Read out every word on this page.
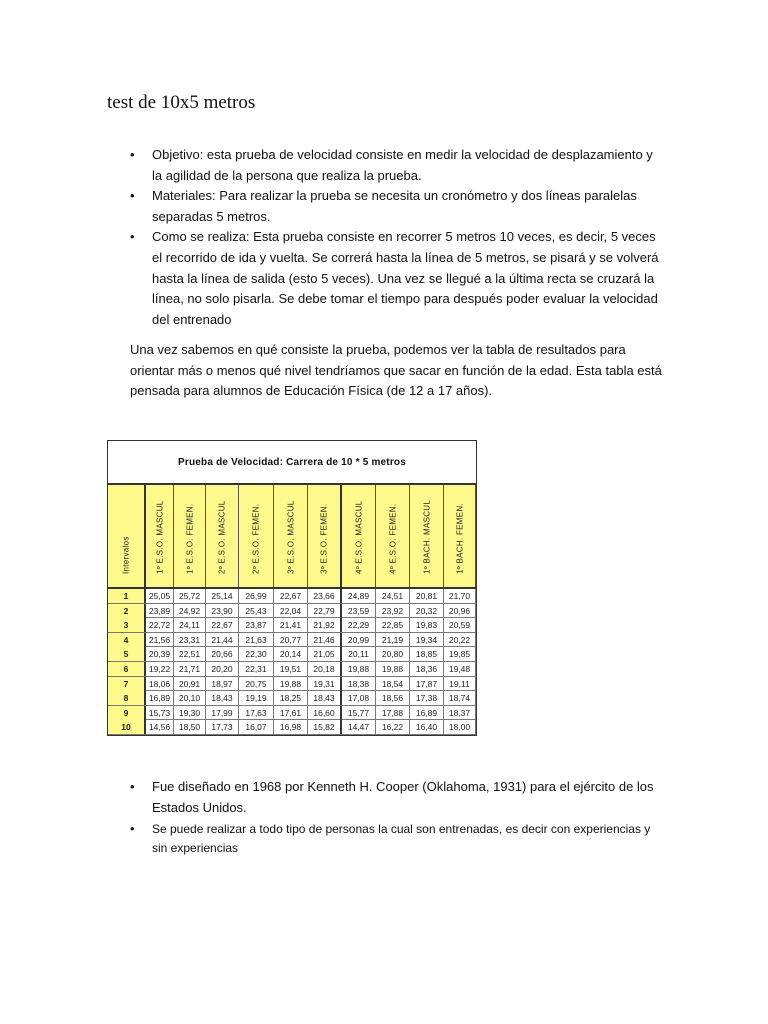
test de 10x5 metros
•	Objetivo: esta prueba de velocidad consiste en medir la velocidad de desplazamiento y la agilidad de la persona que realiza la prueba.
•	Materiales: Para realizar la prueba se necesita un cronómetro y dos líneas paralelas separadas 5 metros.
•	Como se realiza: Esta prueba consiste en recorrer 5 metros 10 veces, es decir, 5 veces el recorrido de ida y vuelta. Se correrá hasta la línea de 5 metros, se pisará y se volverá hasta la línea de salida (esto 5 veces). Una vez se llegué a la última recta se cruzará la línea, no solo pisarla. Se debe tomar el tiempo para después poder evaluar la velocidad del entrenado

Una vez sabemos en qué consiste la prueba, podemos ver la tabla de resultados para orientar más o menos qué nivel tendríamos que sacar en función de la edad. Esta tabla está pensada para alumnos de Educación Física (de 12 a 17 años).

Prueba de Velocidad: Carrera de 10 * 5 metros
Intervalos	1º E.S.O. MASCUL	1º E.S.O. FEMEN.	2º E.S.O. MASCUL	2º E.S.O. FEMEN.	3º E.S.O. MASCUL	3º E.S.O. FEMEN.	4º E.S.O. MASCUL	4º E.S.O. FEMEN.	1º BACH. MASCUL	1º BACH. FEMEN.
1	25,05	25,72	25,14	26,99	22,67	23,66	24,89	24,51	20,81	21,70
2	23,89	24,92	23,90	25,43	22,04	22,79	23,59	23,92	20,32	20,96
3	22,72	24,11	22,67	23,87	21,41	21,92	22,29	22,85	19,83	20,59
4	21,56	23,31	21,44	21,63	20,77	21,46	20,99	21,19	19,34	20,22
5	20,39	22,51	20,66	22,30	20,14	21,05	20,11	20,80	18,85	19,85
6	19,22	21,71	20,20	22,31	19,51	20,18	19,88	19,88	18,36	19,48
7	18,06	20,91	18,97	20,75	19,88	19,31	18,38	18,54	17,87	19,11
8	16,89	20,10	18,43	19,19	18,25	18,43	17,08	18,56	17,38	18,74
9	15,73	19,30	17,99	17,63	17,61	16,60	15,77	17,88	16,89	18,37
10	14,56	18,50	17,73	16,07	16,98	15,82	14,47	16,22	16,40	18,00
•	Fue diseñado en 1968 por Kenneth H. Cooper (Oklahoma, 1931) para el ejército de los Estados Unidos.
•	Se puede realizar a todo tipo de personas la cual son entrenadas, es decir con experiencias y sin experiencias
